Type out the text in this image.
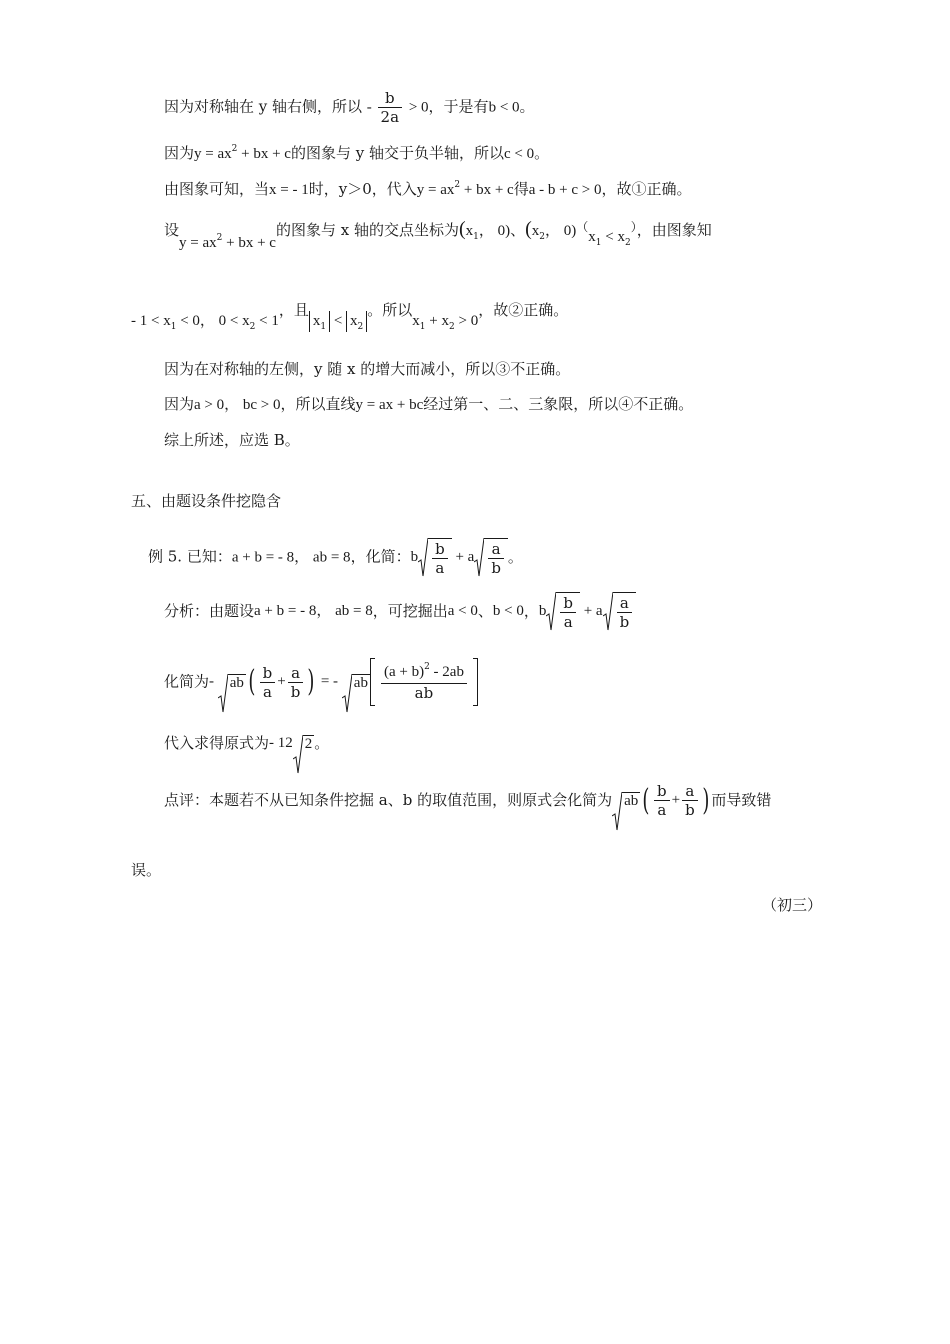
因为对称轴在 y 轴右侧，所以 - $\frac{b}{2a} > 0$，于是有b < 0。
因为$y = ax^2$ + bx + c的图象与 y 轴交于负半轴，所以c < 0。
由图象可知，当x = - 1时，y＞0，代入$y = ax^2$ + bx + c得a - b + c > 0，故①正确。
设$y = ax^2$ + bx + c的图象与 x 轴的交点坐标为($x_1$， 0)、($x_2$， $0)^(x_1 < x_2^)$，由图象知
- $1 < x_1 < 0$， $0 < x_2 < 1$，且$x_1 < x_2$。所以$x_1 + x_2 > 0$，故②正确。
因为在对称轴的左侧，y 随 x 的增大而减小，所以③不正确。
因为a > 0， bc > 0，所以直线y = ax + bc经过第一、二、三象限，所以④不正确。
综上所述，应选 B。
五、由题设条件挖隐含
例 5. 已知：a + b = - 8， ab = 8，化简：b $\frac{b}{a} + a \frac{a}{b}$ 。
分析：由题设a + b = - 8， ab = 8，可挖掘出a < 0、b < 0，b $\frac{b}{a} + a \frac{a}{b}$
化简为-
ab ( $\frac{b}{a} + \frac{a}{b}$ ) = -
ab $\frac{(a + b)^2 - 2ab}{ab}$
代入求得原式为- 12 2 。
点评：本题若不从已知条件挖掘 a、b 的取值范围，则原式会化简为 ab ( $\frac{b}{a} + \frac{a}{b}$ ) 而导致错
误。
（初三）
